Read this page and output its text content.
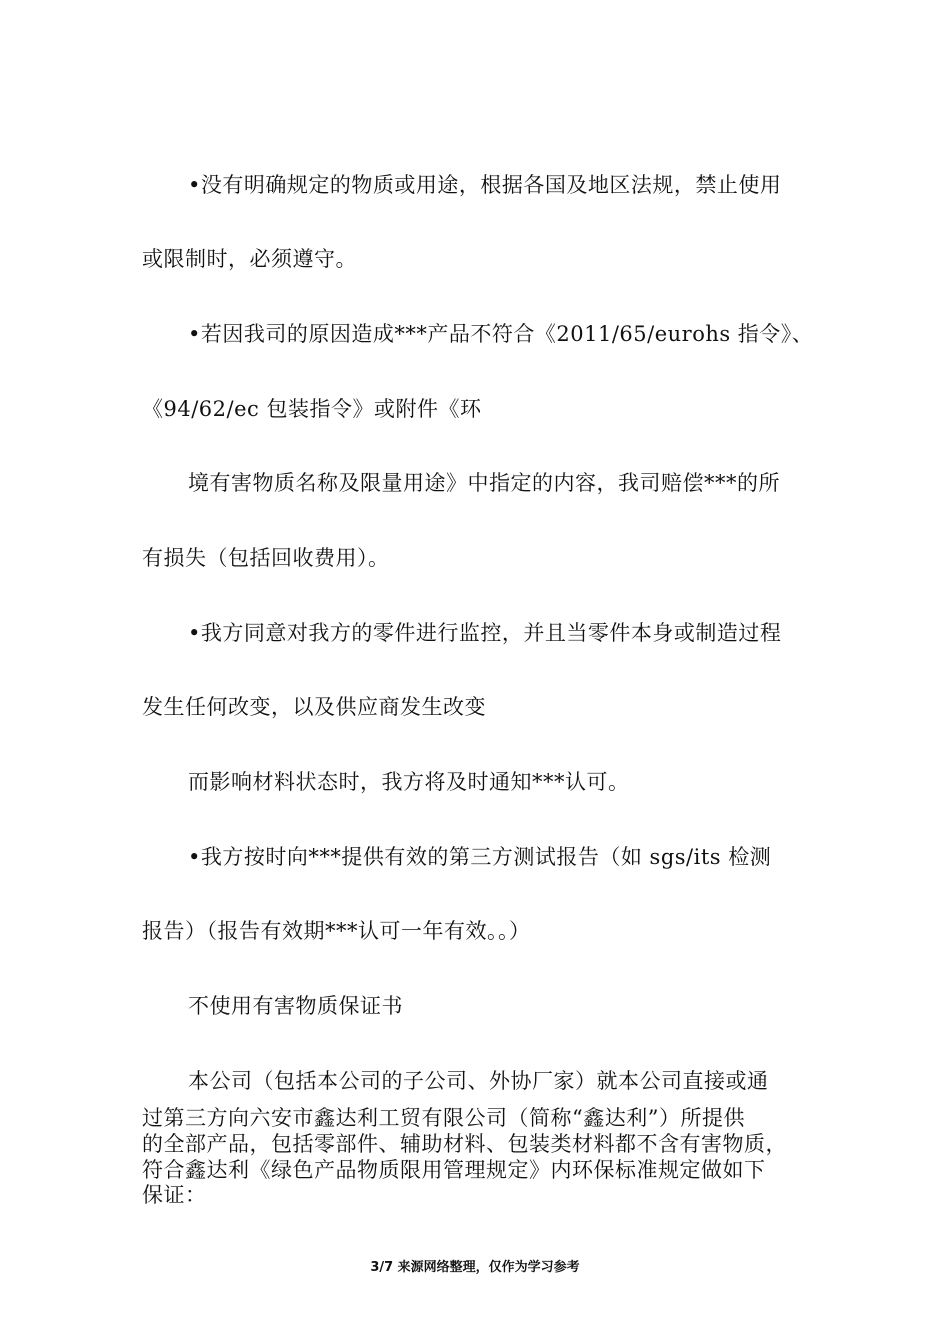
•没有明确规定的物质或用途，根据各国及地区法规，禁止使用
或限制时，必须遵守。
•若因我司的原因造成***产品不符合《2011/65/eurohs 指令》、
《94/62/ec 包装指令》或附件《环
境有害物质名称及限量用途》中指定的内容，我司赔偿***的所
有损失（包括回收费用）。
•我方同意对我方的零件进行监控，并且当零件本身或制造过程
发生任何改变，以及供应商发生改变
而影响材料状态时，我方将及时通知***认可。
•我方按时向***提供有效的第三方测试报告（如 sgs/its 检测
报告）（报告有效期***认可一年有效。。）
不使用有害物质保证书
本公司（包括本公司的子公司、外协厂家）就本公司直接或通
过第三方向六安市鑫达利工贸有限公司（简称“鑫达利”）所提供
的全部产品，包括零部件、辅助材料、包装类材料都不含有害物质，
符合鑫达利《绿色产品物质限用管理规定》内环保标准规定做如下
保证：
3/7 来源网络整理，仅作为学习参考
